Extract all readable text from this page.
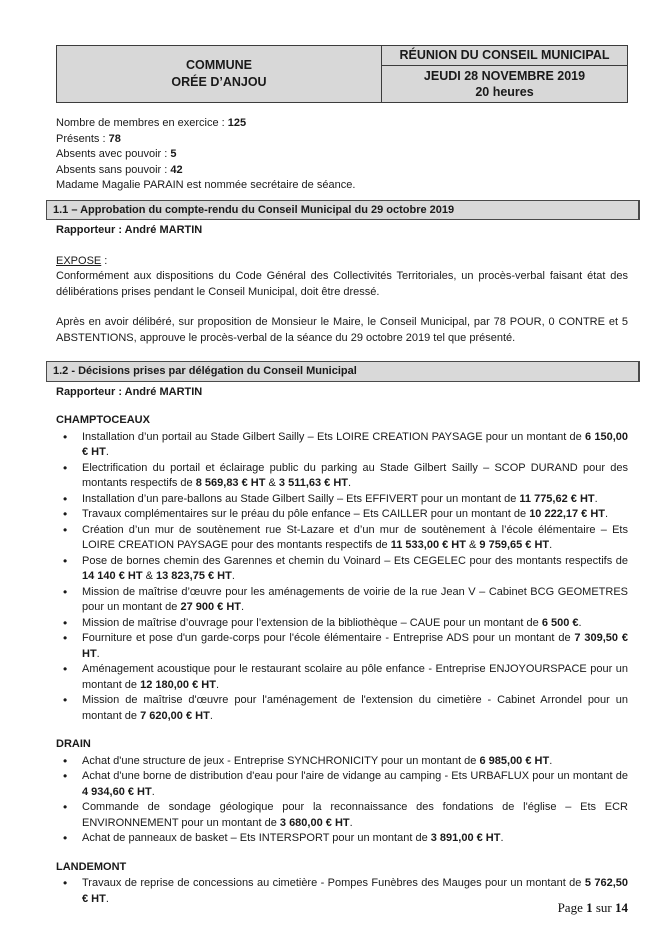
COMMUNE
ORÉE D’ANJOU
RÉUNION DU CONSEIL MUNICIPAL
JEUDI 28 NOVEMBRE 2019
20 heures
Nombre de membres en exercice : 125
Présents : 78
Absents avec pouvoir : 5
Absents sans pouvoir : 42
Madame Magalie PARAIN est nommée secrétaire de séance.
1.1 – Approbation du compte-rendu du Conseil Municipal du 29 octobre 2019
Rapporteur : André MARTIN
EXPOSE :
Conformément aux dispositions du Code Général des Collectivités Territoriales, un procès-verbal faisant état des délibérations prises pendant le Conseil Municipal, doit être dressé.
Après en avoir délibéré, sur proposition de Monsieur le Maire, le Conseil Municipal, par 78 POUR, 0 CONTRE et 5 ABSTENTIONS, approuve le procès-verbal de la séance du 29 octobre 2019 tel que présenté.
1.2 - Décisions prises par délégation du Conseil Municipal
Rapporteur : André MARTIN
CHAMPTOCEAUX
• Installation d’un portail au Stade Gilbert Sailly – Ets LOIRE CREATION PAYSAGE pour un montant de 6 150,00 € HT.
• Electrification du portail et éclairage public du parking au Stade Gilbert Sailly – SCOP DURAND pour des montants respectifs de 8 569,83 € HT & 3 511,63 € HT.
• Installation d’un pare-ballons au Stade Gilbert Sailly – Ets EFFIVERT pour un montant de 11 775,62 € HT.
• Travaux complémentaires sur le préau du pôle enfance – Ets CAILLER pour un montant de 10 222,17 € HT.
• Création d’un mur de soutènement rue St-Lazare et d’un mur de soutènement à l’école élémentaire – Ets LOIRE CREATION PAYSAGE pour des montants respectifs de 11 533,00 € HT & 9 759,65 € HT.
• Pose de bornes chemin des Garennes et chemin du Voinard – Ets CEGELEC pour des montants respectifs de 14 140 € HT & 13 823,75 € HT.
• Mission de maîtrise d’œuvre pour les aménagements de voirie de la rue Jean V – Cabinet BCG GEOMETRES pour un montant de 27 900 € HT.
• Mission de maîtrise d’ouvrage pour l’extension de la bibliothèque – CAUE pour un montant de 6 500 €.
• Fourniture et pose d'un garde-corps pour l'école élémentaire - Entreprise ADS pour un montant de 7 309,50 € HT.
• Aménagement acoustique pour le restaurant scolaire au pôle enfance - Entreprise ENJOYOURSPACE pour un montant de 12 180,00 € HT.
• Mission de maîtrise d'œuvre pour l'aménagement de l'extension du cimetière - Cabinet Arrondel pour un montant de 7 620,00 € HT.
DRAIN
• Achat d'une structure de jeux - Entreprise SYNCHRONICITY pour un montant de 6 985,00 € HT.
• Achat d'une borne de distribution d'eau pour l'aire de vidange au camping - Ets URBAFLUX pour un montant de 4 934,60 € HT.
• Commande de sondage géologique pour la reconnaissance des fondations de l'église – Ets ECR ENVIRONNEMENT pour un montant de 3 680,00 € HT.
• Achat de panneaux de basket – Ets INTERSPORT pour un montant de 3 891,00 € HT.
LANDEMONT
• Travaux de reprise de concessions au cimetière - Pompes Funèbres des Mauges pour un montant de 5 762,50 € HT.
Page 1 sur 14
